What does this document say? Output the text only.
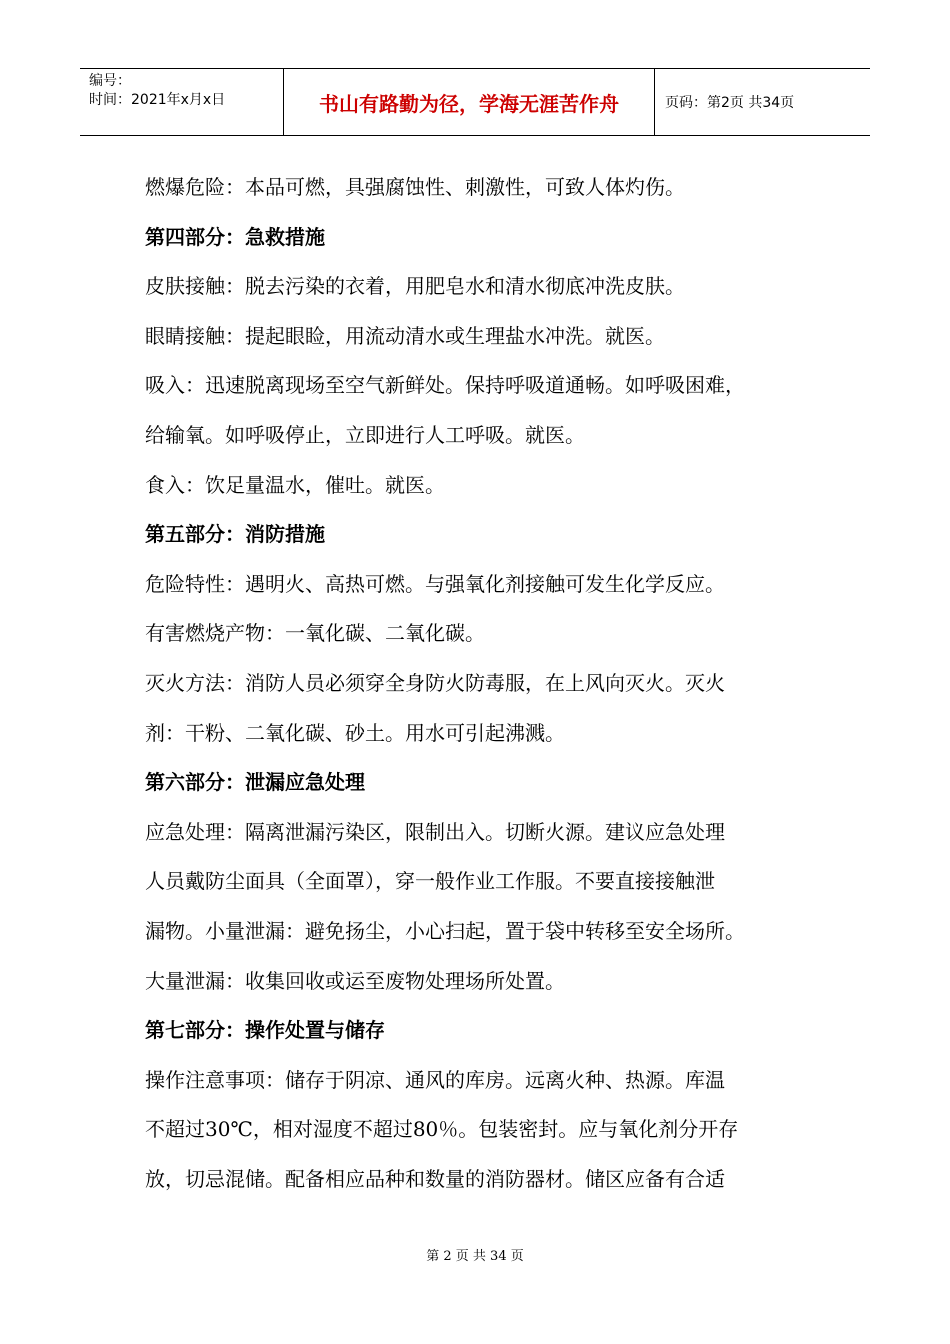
编号：
时间：2021年x月x日	书山有路勤为径，学海无涯苦作舟	页码：第2页 共34页
燃爆危险：本品可燃，具强腐蚀性、刺激性，可致人体灼伤。
第四部分：急救措施
皮肤接触：脱去污染的衣着，用肥皂水和清水彻底冲洗皮肤。
眼睛接触：提起眼睑，用流动清水或生理盐水冲洗。就医。
吸入：迅速脱离现场至空气新鲜处。保持呼吸道通畅。如呼吸困难，
给输氧。如呼吸停止，立即进行人工呼吸。就医。
食入：饮足量温水，催吐。就医。
第五部分：消防措施
危险特性：遇明火、高热可燃。与强氧化剂接触可发生化学反应。
有害燃烧产物：一氧化碳、二氧化碳。
灭火方法：消防人员必须穿全身防火防毒服，在上风向灭火。灭火
剂：干粉、二氧化碳、砂土。用水可引起沸溅。
第六部分：泄漏应急处理
应急处理：隔离泄漏污染区，限制出入。切断火源。建议应急处理
人员戴防尘面具（全面罩），穿一般作业工作服。不要直接接触泄
漏物。小量泄漏：避免扬尘，小心扫起，置于袋中转移至安全场所。
大量泄漏：收集回收或运至废物处理场所处置。
第七部分：操作处置与储存
操作注意事项：储存于阴凉、通风的库房。远离火种、热源。库温
不超过30℃，相对湿度不超过80％。包装密封。应与氧化剂分开存
放，切忌混储。配备相应品种和数量的消防器材。储区应备有合适
第 2 页 共 34 页
